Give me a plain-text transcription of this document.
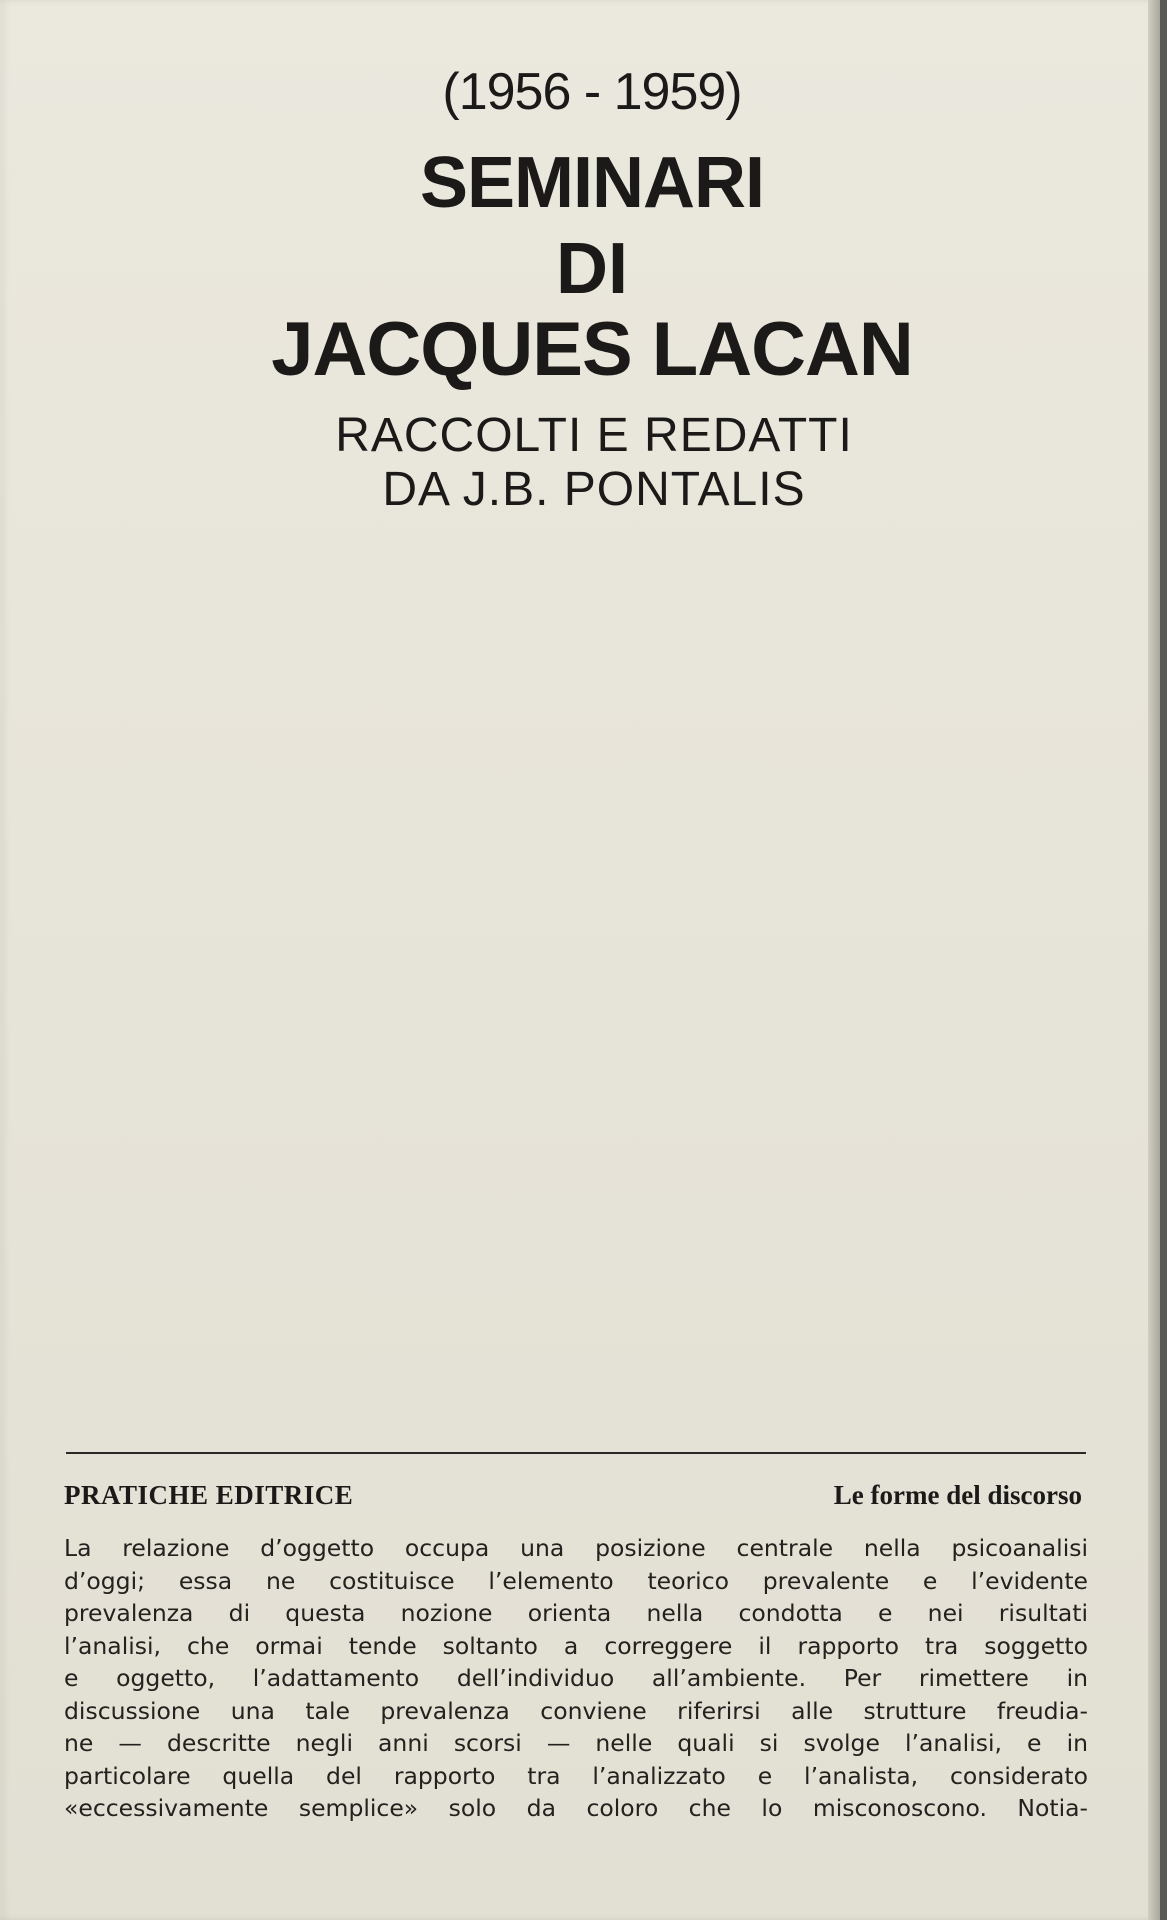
(1956 - 1959)
SEMINARI
DI
JACQUES LACAN
RACCOLTI E REDATTI
DA J.B. PONTALIS
PRATICHE EDITRICE	Le forme del discorso
La relazione d’oggetto occupa una posizione centrale nella psicoanalisi
d’oggi; essa ne costituisce l’elemento teorico prevalente e l’evidente
prevalenza di questa nozione orienta nella condotta e nei risultati
l’analisi, che ormai tende soltanto a correggere il rapporto tra soggetto
e oggetto, l’adattamento dell’individuo all’ambiente. Per rimettere in
discussione una tale prevalenza conviene riferirsi alle strutture freudia-
ne — descritte negli anni scorsi — nelle quali si svolge l’analisi, e in
particolare quella del rapporto tra l’analizzato e l’analista, considerato
«eccessivamente semplice» solo da coloro che lo misconoscono. Notia-
